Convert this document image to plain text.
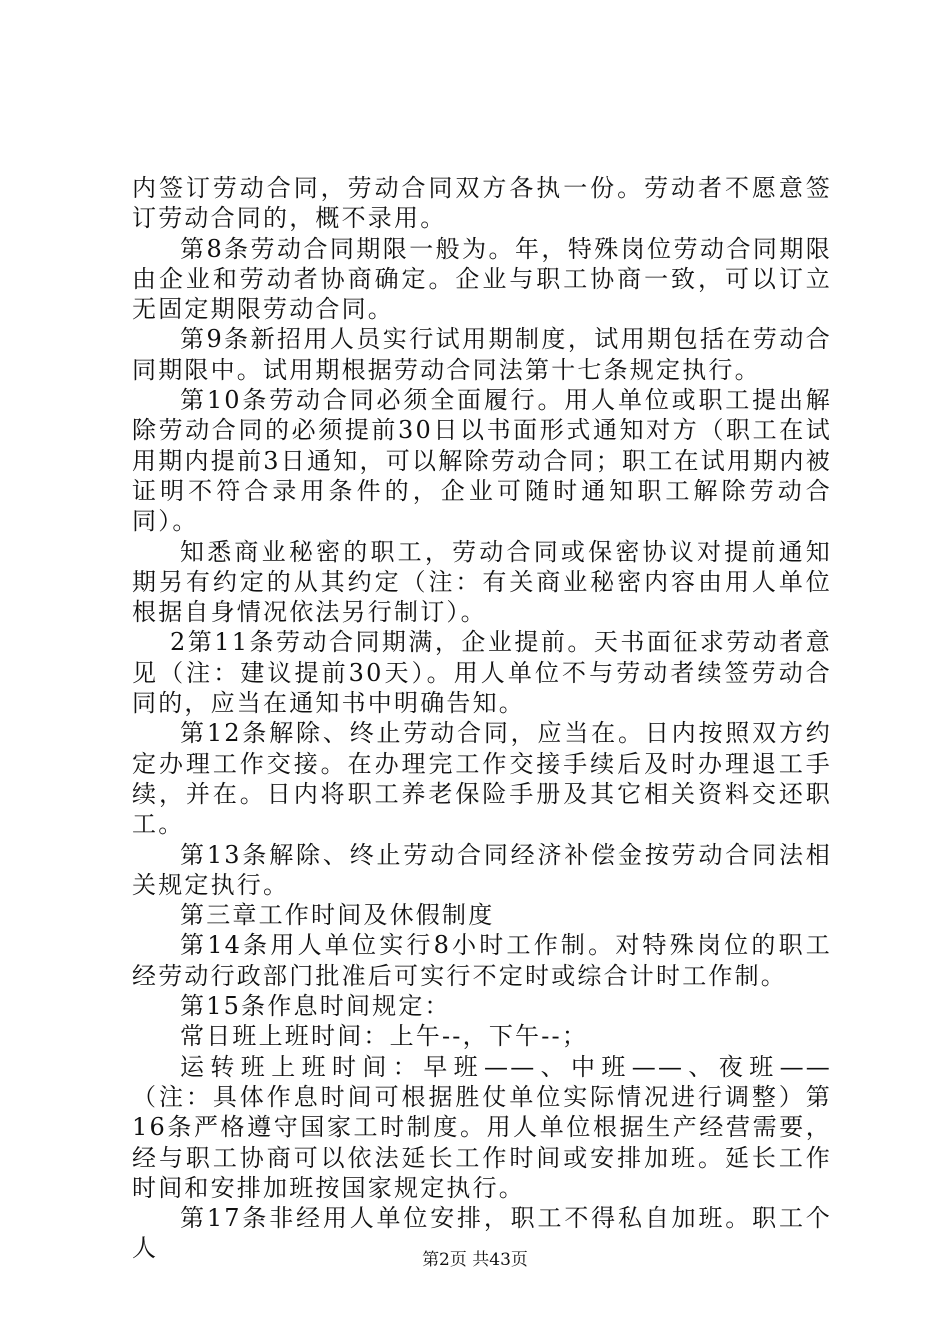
内签订劳动合同，劳动合同双方各执一份。劳动者不愿意签订劳动合同的，概不录用。

第8条劳动合同期限一般为。年，特殊岗位劳动合同期限由企业和劳动者协商确定。企业与职工协商一致，可以订立无固定期限劳动合同。

第9条新招用人员实行试用期制度，试用期包括在劳动合同期限中。试用期根据劳动合同法第十七条规定执行。

第10条劳动合同必须全面履行。用人单位或职工提出解除劳动合同的必须提前30日以书面形式通知对方（职工在试用期内提前3日通知，可以解除劳动合同；职工在试用期内被证明不符合录用条件的，企业可随时通知职工解除劳动合同）。

知悉商业秘密的职工，劳动合同或保密协议对提前通知期另有约定的从其约定（注：有关商业秘密内容由用人单位根据自身情况依法另行制订）。

2第11条劳动合同期满，企业提前。天书面征求劳动者意见（注：建议提前30天）。用人单位不与劳动者续签劳动合同的，应当在通知书中明确告知。

第12条解除、终止劳动合同，应当在。日内按照双方约定办理工作交接。在办理完工作交接手续后及时办理退工手续，并在。日内将职工养老保险手册及其它相关资料交还职工。

第13条解除、终止劳动合同经济补偿金按劳动合同法相关规定执行。

第三章工作时间及休假制度

第14条用人单位实行8小时工作制。对特殊岗位的职工经劳动行政部门批准后可实行不定时或综合计时工作制。

第15条作息时间规定：

常日班上班时间：上午--，下午--；

运转班上班时间：早班——、中班——、夜班——（注：具体作息时间可根据胜仗单位实际情况进行调整）第16条严格遵守国家工时制度。用人单位根据生产经营需要，经与职工协商可以依法延长工作时间或安排加班。延长工作时间和安排加班按国家规定执行。

第17条非经用人单位安排，职工不得私自加班。职工个人	第2页 共43页
